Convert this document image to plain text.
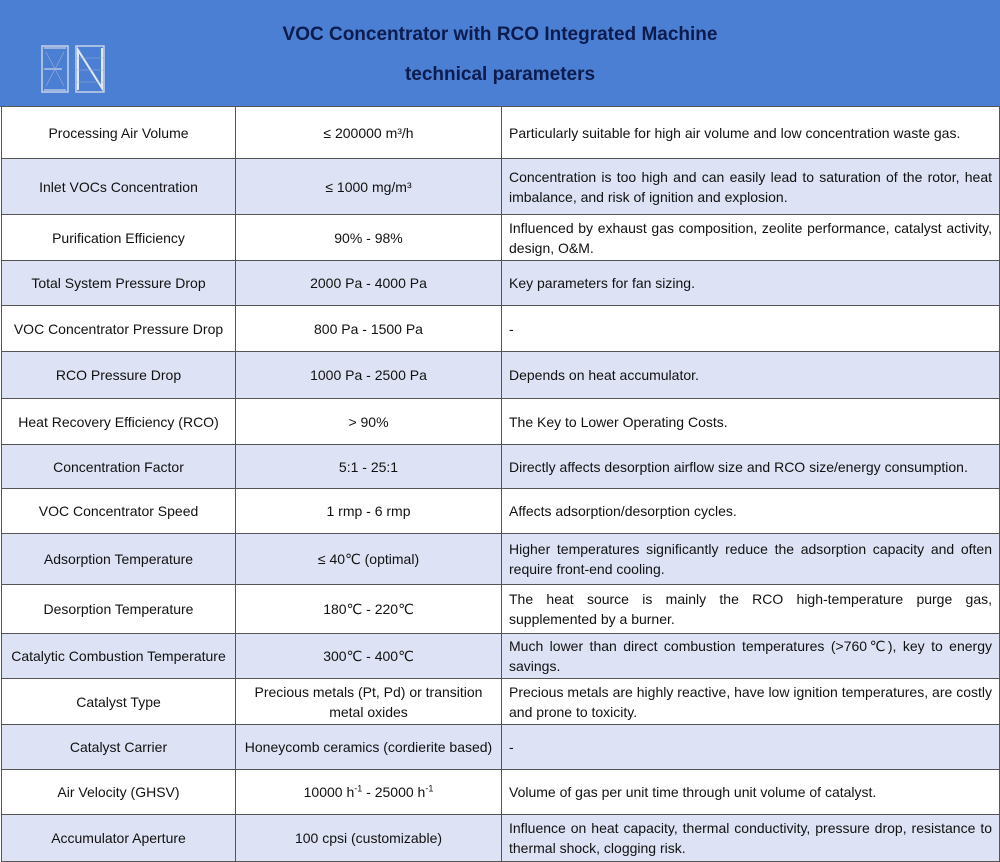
VOC Concentrator with RCO Integrated Machine
technical parameters
Processing Air Volume	≤ 200000 m³/h	Particularly suitable for high air volume and low concentration waste gas.
Inlet VOCs Concentration	≤ 1000 mg/m³	Concentration is too high and can easily lead to saturation of the rotor, heat imbalance, and risk of ignition and explosion.
Purification Efficiency	90% - 98%	Influenced by exhaust gas composition, zeolite performance, catalyst activity, design, O&M.
Total System Pressure Drop	2000 Pa - 4000 Pa	Key parameters for fan sizing.
VOC Concentrator Pressure Drop	800 Pa - 1500 Pa	-
RCO Pressure Drop	1000 Pa - 2500 Pa	Depends on heat accumulator.
Heat Recovery Efficiency (RCO)	> 90%	The Key to Lower Operating Costs.
Concentration Factor	5:1 - 25:1	Directly affects desorption airflow size and RCO size/energy consumption.
VOC Concentrator Speed	1 rmp - 6 rmp	Affects adsorption/desorption cycles.
Adsorption Temperature	≤ 40℃ (optimal)	Higher temperatures significantly reduce the adsorption capacity and often require front-end cooling.
Desorption Temperature	180℃ - 220℃	The heat source is mainly the RCO high-temperature purge gas, supplemented by a burner.
Catalytic Combustion Temperature	300℃ - 400℃	Much lower than direct combustion temperatures (>760℃), key to energy savings.
Catalyst Type	Precious metals (Pt, Pd) or transition metal oxides	Precious metals are highly reactive, have low ignition temperatures, are costly and prone to toxicity.
Catalyst Carrier	Honeycomb ceramics (cordierite based)	-
Air Velocity (GHSV)	10000 $h^{-1} - 25000$ $h^{-1}$	Volume of gas per unit time through unit volume of catalyst.
Accumulator Aperture	100 cpsi (customizable)	Influence on heat capacity, thermal conductivity, pressure drop, resistance to thermal shock, clogging risk.
